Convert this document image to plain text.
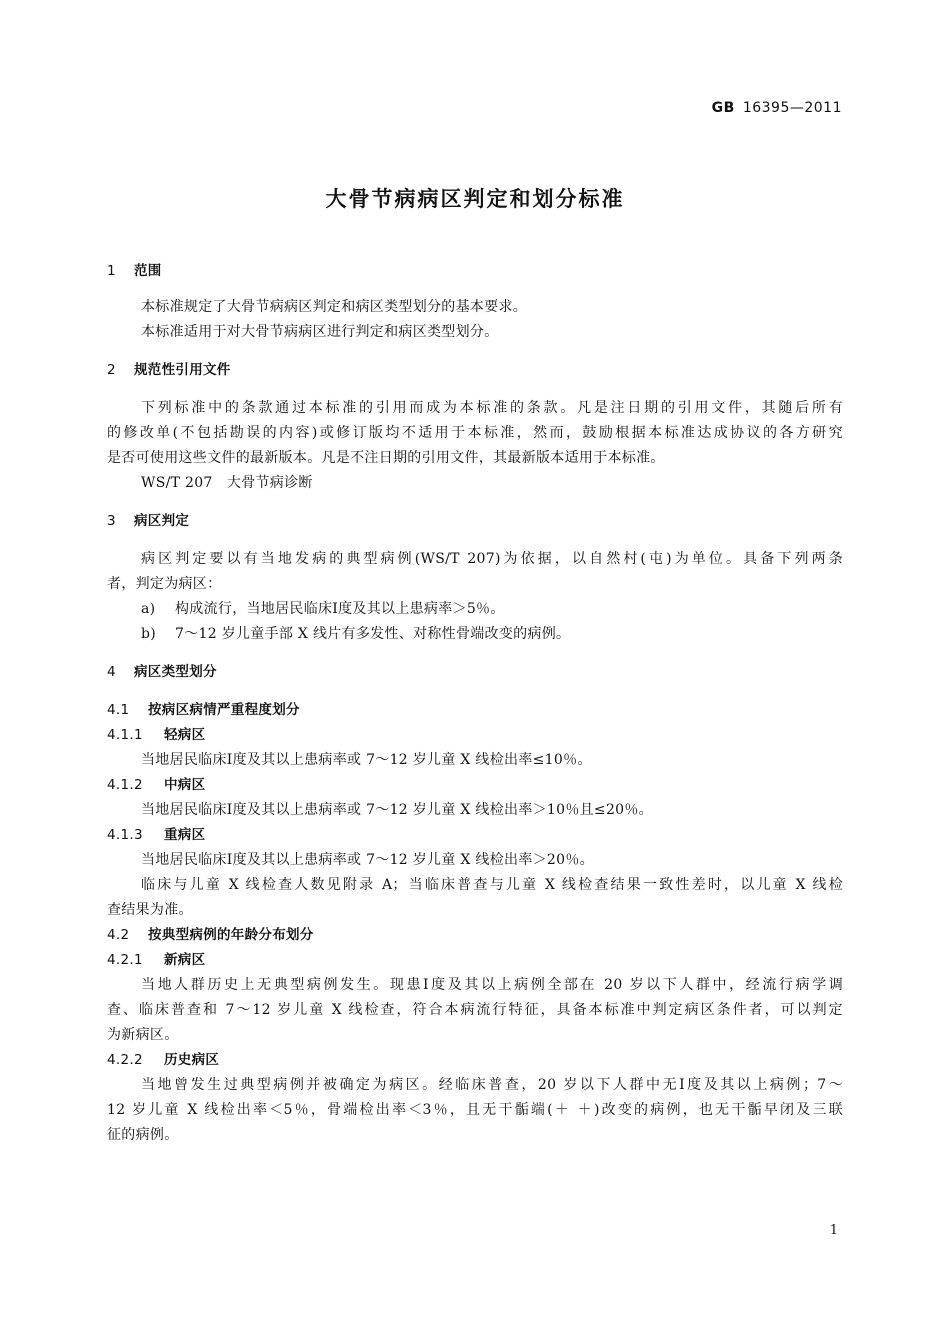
GB 16395—2011
大骨节病病区判定和划分标准
1 范围
本标准规定了大骨节病病区判定和病区类型划分的基本要求。
本标准适用于对大骨节病病区进行判定和病区类型划分。
2 规范性引用文件
下列标准中的条款通过本标准的引用而成为本标准的条款。凡是注日期的引用文件，其随后所有
的修改单(不包括勘误的内容)或修订版均不适用于本标准，然而，鼓励根据本标准达成协议的各方研究
是否可使用这些文件的最新版本。凡是不注日期的引用文件，其最新版本适用于本标准。
WS/T 207　大骨节病诊断
3 病区判定
病区判定要以有当地发病的典型病例(WS/T 207)为依据，以自然村(屯)为单位。具备下列两条
者，判定为病区：
a) 构成流行，当地居民临床Ⅰ度及其以上患病率＞5％。
b) 7～12 岁儿童手部 X 线片有多发性、对称性骨端改变的病例。
4 病区类型划分
4.1 按病区病情严重程度划分
4.1.1 轻病区
当地居民临床Ⅰ度及其以上患病率或 7～12 岁儿童 X 线检出率≤10％。
4.1.2 中病区
当地居民临床Ⅰ度及其以上患病率或 7～12 岁儿童 X 线检出率＞10％且≤20％。
4.1.3 重病区
当地居民临床Ⅰ度及其以上患病率或 7～12 岁儿童 X 线检出率＞20％。
临床与儿童 X 线检查人数见附录 A；当临床普查与儿童 X 线检查结果一致性差时，以儿童 X 线检
查结果为准。
4.2 按典型病例的年龄分布划分
4.2.1 新病区
当地人群历史上无典型病例发生。现患Ⅰ度及其以上病例全部在 20 岁以下人群中，经流行病学调
查、临床普查和 7～12 岁儿童 X 线检查，符合本病流行特征，具备本标准中判定病区条件者，可以判定
为新病区。
4.2.2 历史病区
当地曾发生过典型病例并被确定为病区。经临床普查，20 岁以下人群中无Ⅰ度及其以上病例；7～
12 岁儿童 X 线检出率＜5％，骨端检出率＜3％，且无干骺端(＋ ＋)改变的病例，也无干骺早闭及三联
征的病例。
1
